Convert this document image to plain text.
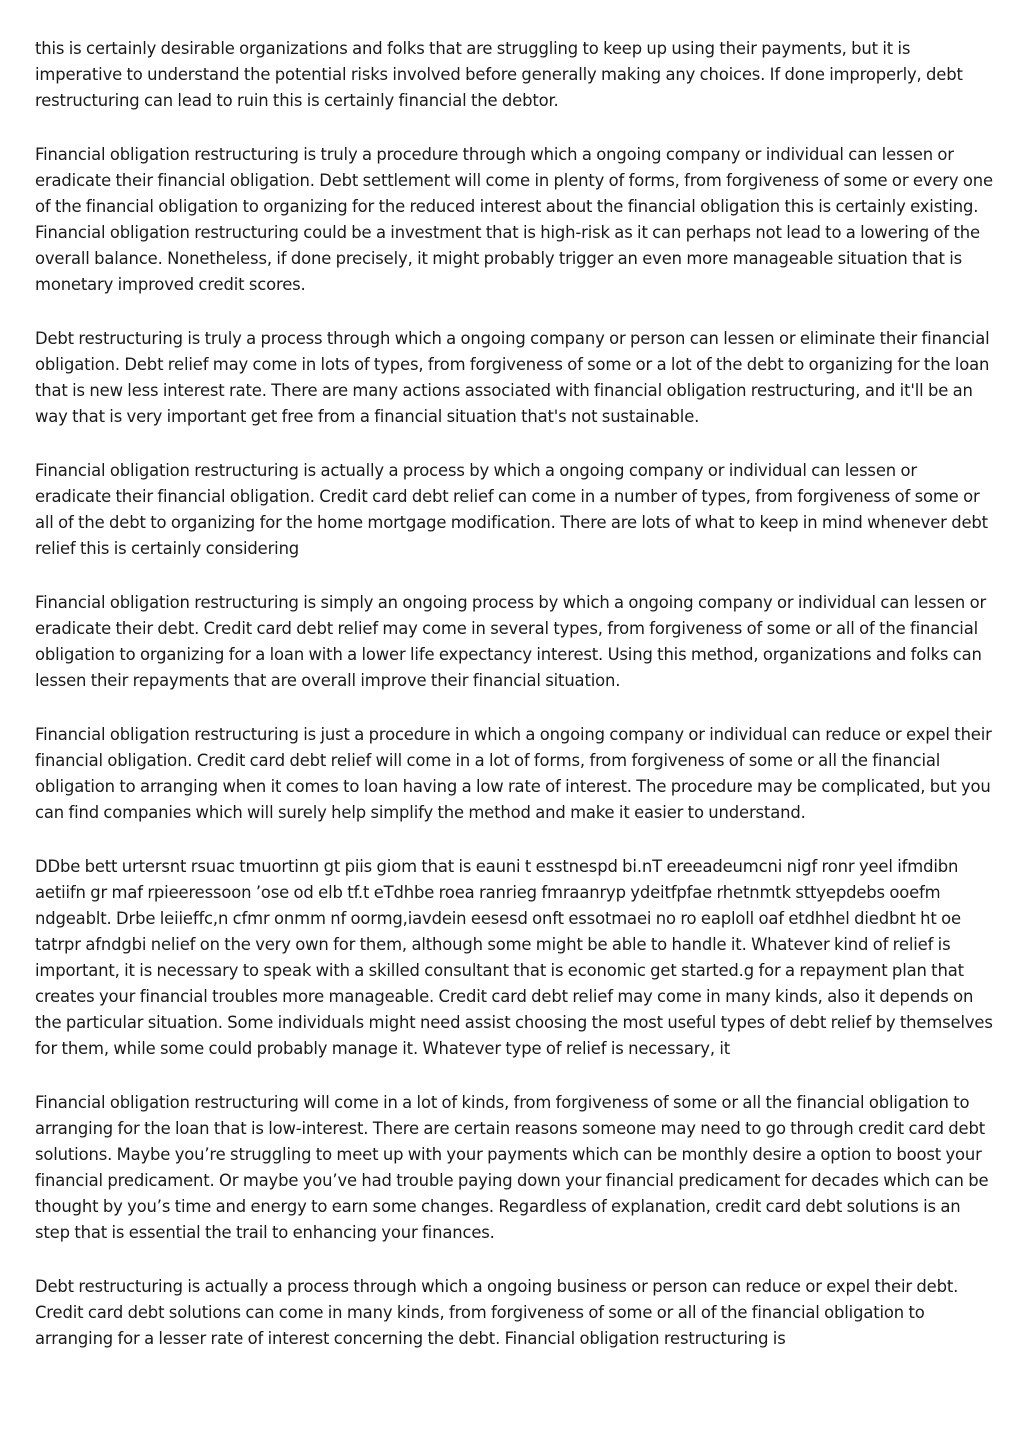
this is certainly desirable organizations and folks that are struggling to keep up using their payments, but it is imperative to understand the potential risks involved before generally making any choices. If done improperly, debt restructuring can lead to ruin this is certainly financial the debtor.

Financial obligation restructuring is truly a procedure through which a ongoing company or individual can lessen or eradicate their financial obligation. Debt settlement will come in plenty of forms, from forgiveness of some or every one of the financial obligation to organizing for the reduced interest about the financial obligation this is certainly existing. Financial obligation restructuring could be a investment that is high-risk as it can perhaps not lead to a lowering of the overall balance. Nonetheless, if done precisely, it might probably trigger an even more manageable situation that is monetary improved credit scores.

Debt restructuring is truly a process through which a ongoing company or person can lessen or eliminate their financial obligation. Debt relief may come in lots of types, from forgiveness of some or a lot of the debt to organizing for the loan that is new less interest rate. There are many actions associated with financial obligation restructuring, and it'll be an way that is very important get free from a financial situation that's not sustainable.

Financial obligation restructuring is actually a process by which a ongoing company or individual can lessen or eradicate their financial obligation. Credit card debt relief can come in a number of types, from forgiveness of some or all of the debt to organizing for the home mortgage modification. There are lots of what to keep in mind whenever debt relief this is certainly considering

Financial obligation restructuring is simply an ongoing process by which a ongoing company or individual can lessen or eradicate their debt. Credit card debt relief may come in several types, from forgiveness of some or all of the financial obligation to organizing for a loan with a lower life expectancy interest. Using this method, organizations and folks can lessen their repayments that are overall improve their financial situation.

Financial obligation restructuring is just a procedure in which a ongoing company or individual can reduce or expel their financial obligation. Credit card debt relief will come in a lot of forms, from forgiveness of some or all the financial obligation to arranging when it comes to loan having a low rate of interest. The procedure may be complicated, but you can find companies which will surely help simplify the method and make it easier to understand.

DDbe bett urtersnt rsuac tmuortinn gt piis giom that is eauni t esstnespd bi.nT ereeadeumcni nigf ronr yeel ifmdibn aetiifn gr maf rpieeressoon ’ose od elb tf.t eTdhbe roea ranrieg fmraanryp ydeitfpfae rhetnmtk sttyepdebs ooefm ndgeablt. Drbe leiieffc,n cfmr onmm nf oormg,iavdein eesesd onft essotmaei no ro eaploll oaf etdhhel diedbnt ht oe tatrpr afndgbi nelief on the very own for them, although some might be able to handle it. Whatever kind of relief is important, it is necessary to speak with a skilled consultant that is economic get started.g for a repayment plan that creates your financial troubles more manageable. Credit card debt relief may come in many kinds, also it depends on the particular situation. Some individuals might need assist choosing the most useful types of debt relief by themselves for them, while some could probably manage it. Whatever type of relief is necessary, it

Financial obligation restructuring will come in a lot of kinds, from forgiveness of some or all the financial obligation to arranging for the loan that is low-interest. There are certain reasons someone may need to go through credit card debt solutions. Maybe you’re struggling to meet up with your payments which can be monthly desire a option to boost your financial predicament. Or maybe you’ve had trouble paying down your financial predicament for decades which can be thought by you’s time and energy to earn some changes. Regardless of explanation, credit card debt solutions is an step that is essential the trail to enhancing your finances.

Debt restructuring is actually a process through which a ongoing business or person can reduce or expel their debt. Credit card debt solutions can come in many kinds, from forgiveness of some or all of the financial obligation to arranging for a lesser rate of interest concerning the debt. Financial obligation restructuring is
